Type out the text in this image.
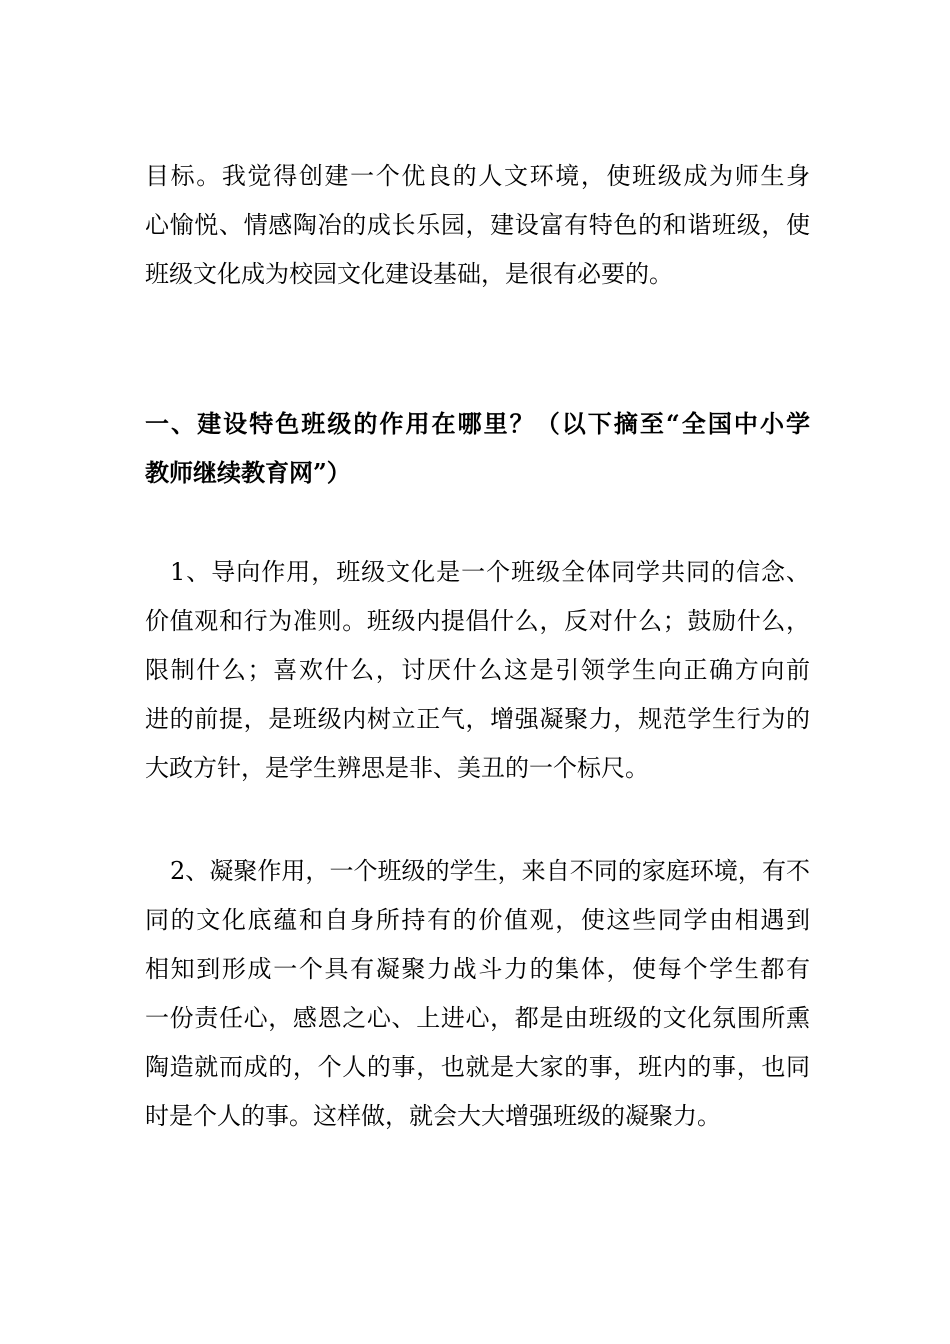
目标。我觉得创建一个优良的人文环境，使班级成为师生身
心愉悦、情感陶冶的成长乐园，建设富有特色的和谐班级，使
班级文化成为校园文化建设基础，是很有必要的。
一、建设特色班级的作用在哪里？（以下摘至“全国中小学
教师继续教育网”）
1、导向作用，班级文化是一个班级全体同学共同的信念、
价值观和行为准则。班级内提倡什么，反对什么；鼓励什么，
限制什么；喜欢什么，讨厌什么这是引领学生向正确方向前
进的前提，是班级内树立正气，增强凝聚力，规范学生行为的
大政方针，是学生辨思是非、美丑的一个标尺。
2、凝聚作用，一个班级的学生，来自不同的家庭环境，有不
同的文化底蕴和自身所持有的价值观，使这些同学由相遇到
相知到形成一个具有凝聚力战斗力的集体，使每个学生都有
一份责任心，感恩之心、上进心，都是由班级的文化氛围所熏
陶造就而成的，个人的事，也就是大家的事，班内的事，也同
时是个人的事。这样做，就会大大增强班级的凝聚力。
